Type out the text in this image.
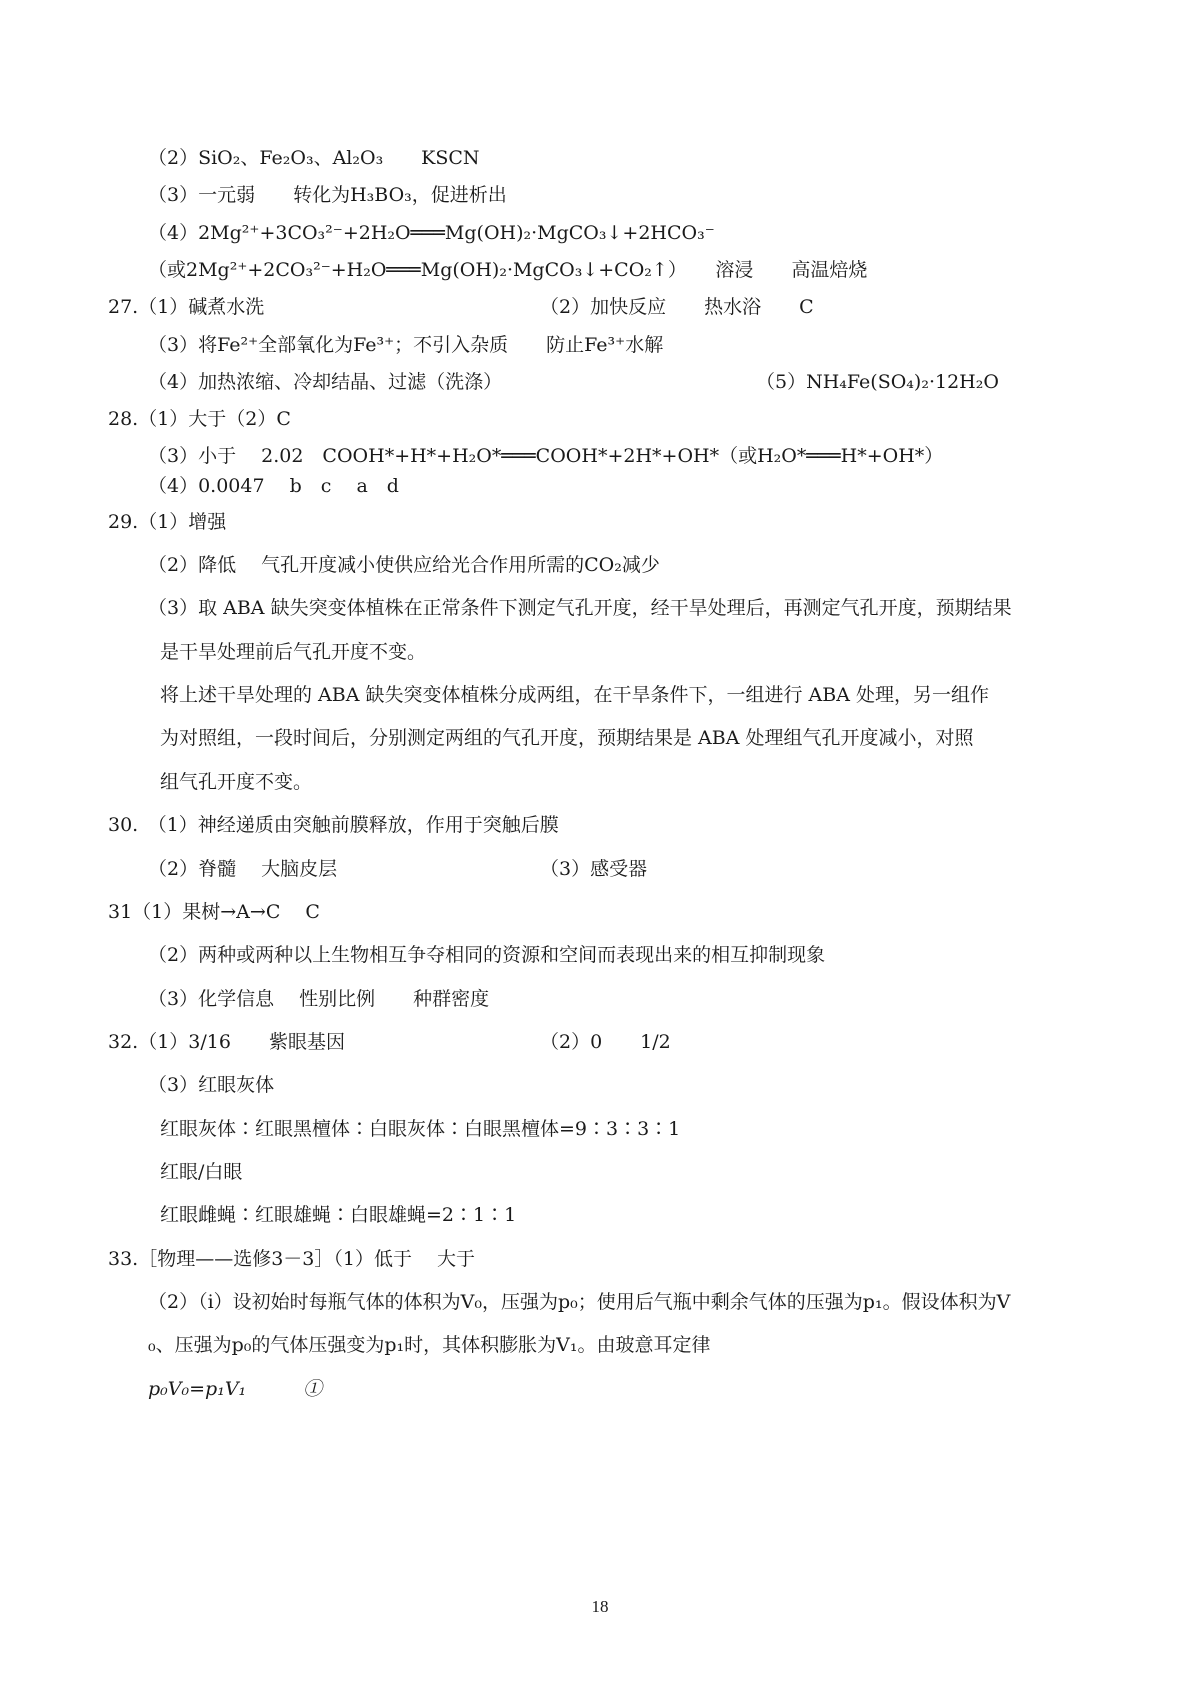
（2）SiO₂、Fe₂O₃、Al₂O₃　　KSCN
（3）一元弱　　转化为H₃BO₃，促进析出
（4）2Mg²⁺+3CO₃²⁻+2H₂O═══Mg(OH)₂·MgCO₃↓+2HCO₃⁻
（或2Mg²⁺+2CO₃²⁻+H₂O═══Mg(OH)₂·MgCO₃↓+CO₂↑）　　溶浸　　高温焙烧
27.（1）碱煮水洗	（2）加快反应　　热水浴　　C
（3）将Fe²⁺全部氧化为Fe³⁺；不引入杂质　　防止Fe³⁺水解
（4）加热浓缩、冷却结晶、过滤（洗涤）	（5）NH₄Fe(SO₄)₂·12H₂O
28.（1）大于（2）C
（3）小于　 2.02　COOH*+H*+H₂O*═══COOH*+2H*+OH*（或H₂O*═══H*+OH*）
（4）0.0047　 b　c　 a　d
29.（1）增强
（2）降低　 气孔开度减小使供应给光合作用所需的CO₂减少
（3）取 ABA 缺失突变体植株在正常条件下测定气孔开度，经干旱处理后，再测定气孔开度，预期结果
是干旱处理前后气孔开度不变。
将上述干旱处理的 ABA 缺失突变体植株分成两组，在干旱条件下，一组进行 ABA 处理，另一组作
为对照组，一段时间后，分别测定两组的气孔开度，预期结果是 ABA 处理组气孔开度减小，对照
组气孔开度不变。
30.　（1）神经递质由突触前膜释放，作用于突触后膜
（2）脊髓　 大脑皮层	（3）感受器
31（1）果树→A→C　 C
（2）两种或两种以上生物相互争夺相同的资源和空间而表现出来的相互抑制现象
（3）化学信息　 性别比例　　种群密度
32.（1）3/16　　紫眼基因	（2）0　　1/2
（3）红眼灰体
红眼灰体∶红眼黑檀体∶白眼灰体∶白眼黑檀体=9∶3∶3∶1
红眼/白眼
红眼雌蝇∶红眼雄蝇∶白眼雄蝇=2∶1∶1
33.［物理——选修3－3］（1）低于　 大于
（2）（i）设初始时每瓶气体的体积为V₀，压强为p₀；使用后气瓶中剩余气体的压强为p₁。假设体积为V
₀、压强为p₀的气体压强变为p₁时，其体积膨胀为V₁。由玻意耳定律
p₀V₀=p₁V₁　　　①
18
